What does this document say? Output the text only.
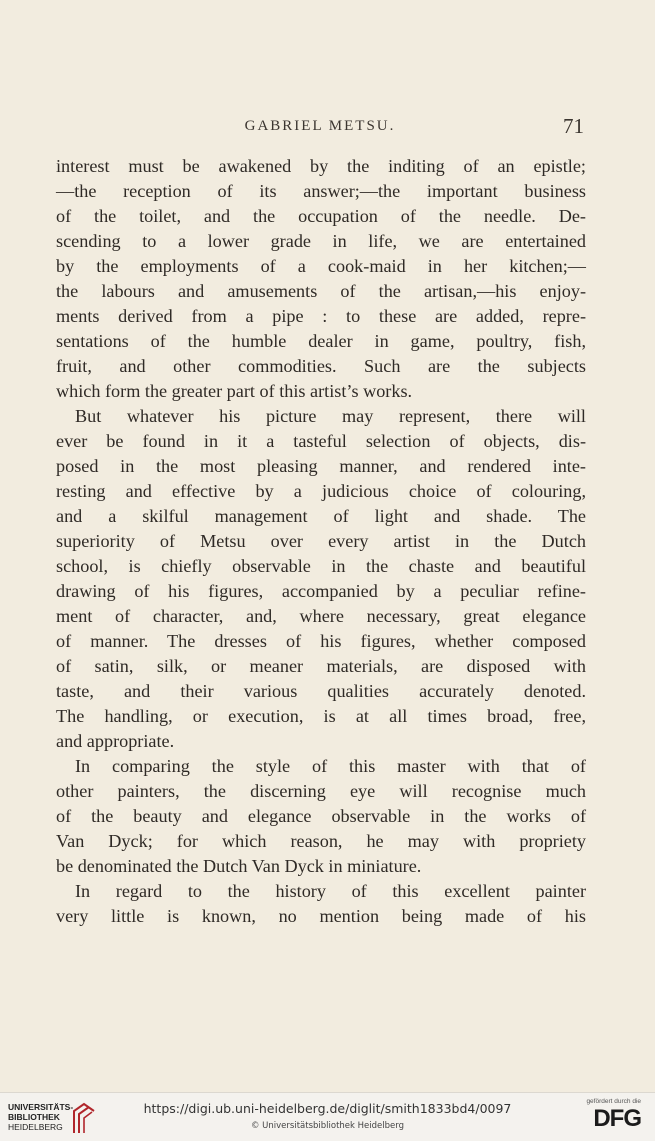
GABRIEL METSU.	71
interest must be awakened by the inditing of an epistle;
—the reception of its answer;—the important business
of the toilet, and the occupation of the needle. De-
scending to a lower grade in life, we are entertained
by the employments of a cook-maid in her kitchen;—
the labours and amusements of the artisan,—his enjoy-
ments derived from a pipe : to these are added, repre-
sentations of the humble dealer in game, poultry, fish,
fruit, and other commodities. Such are the subjects
which form the greater part of this artist’s works.
But whatever his picture may represent, there will
ever be found in it a tasteful selection of objects, dis-
posed in the most pleasing manner, and rendered inte-
resting and effective by a judicious choice of colouring,
and a skilful management of light and shade. The
superiority of Metsu over every artist in the Dutch
school, is chiefly observable in the chaste and beautiful
drawing of his figures, accompanied by a peculiar refine-
ment of character, and, where necessary, great elegance
of manner. The dresses of his figures, whether composed
of satin, silk, or meaner materials, are disposed with
taste, and their various qualities accurately denoted.
The handling, or execution, is at all times broad, free,
and appropriate.
In comparing the style of this master with that of
other painters, the discerning eye will recognise much
of the beauty and elegance observable in the works of
Van Dyck; for which reason, he may with propriety
be denominated the Dutch Van Dyck in miniature.
In regard to the history of this excellent painter
very little is known, no mention being made of his
UNIVERSITÄTS-
BIBLIOTHEK
HEIDELBERG
https://digi.ub.uni-heidelberg.de/diglit/smith1833bd4/0097
© Universitätsbibliothek Heidelberg
gefördert durch die
DFG
